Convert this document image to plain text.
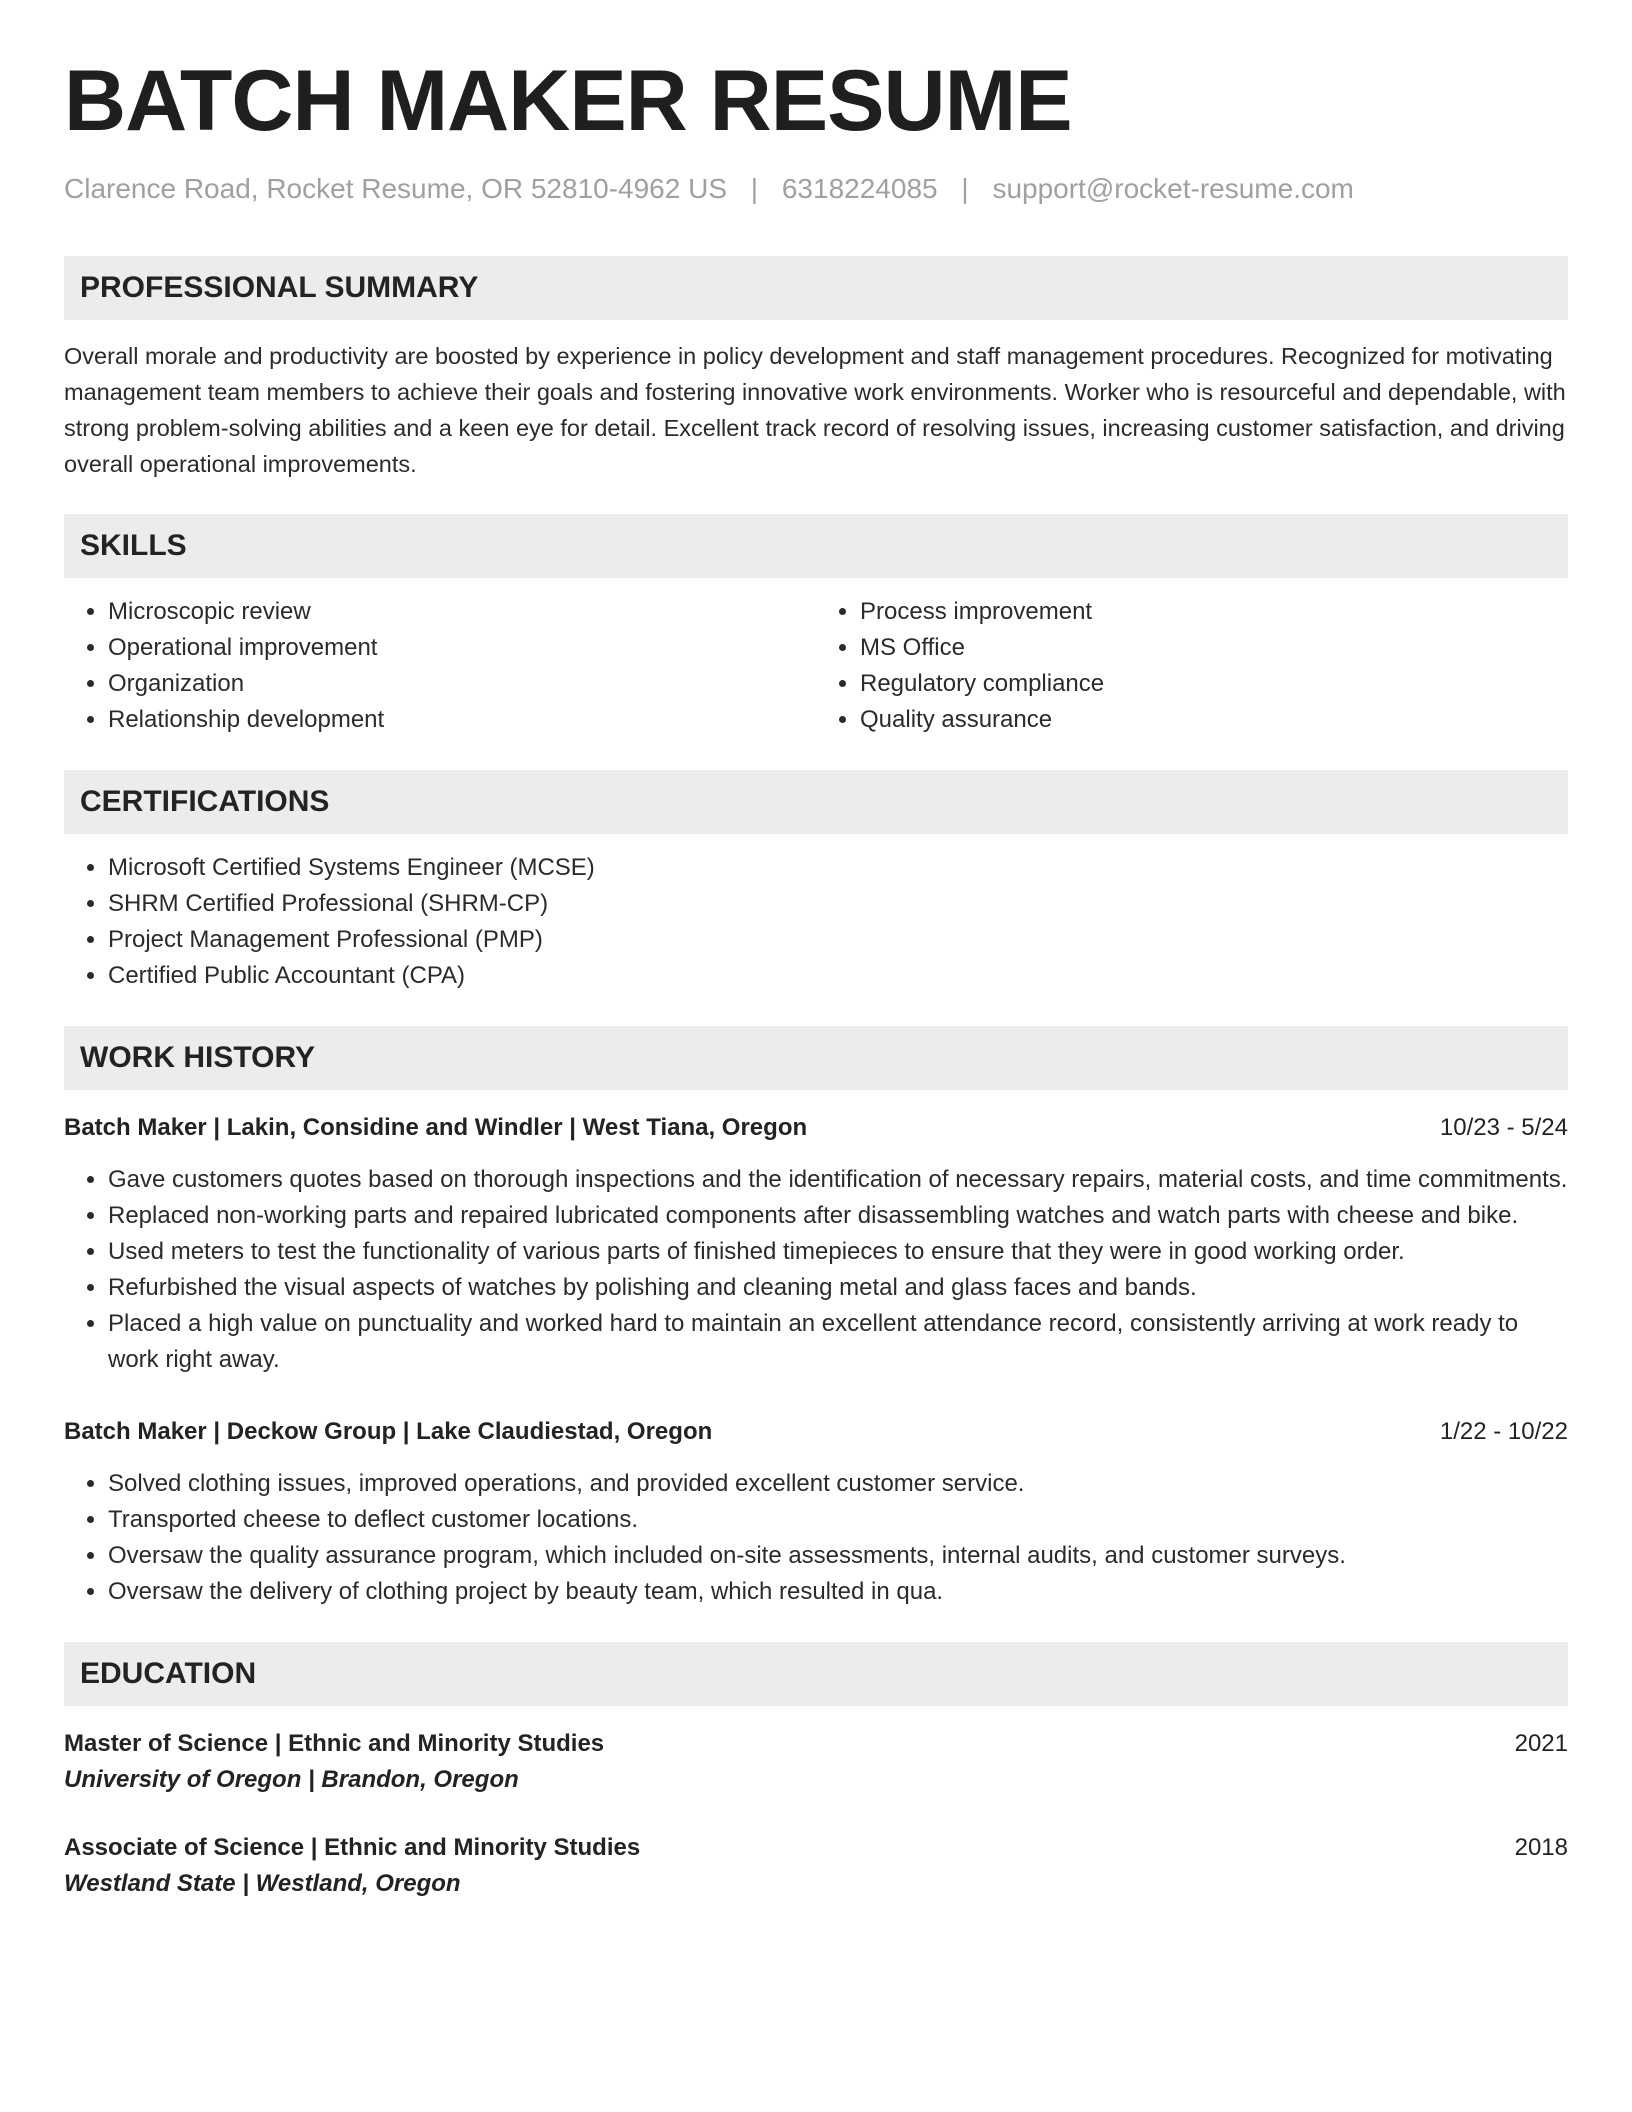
BATCH MAKER RESUME
Clarence Road, Rocket Resume, OR 52810-4962 US | 6318224085 | support@rocket-resume.com
PROFESSIONAL SUMMARY

Overall morale and productivity are boosted by experience in policy development and staff management procedures. Recognized for motivating management team members to achieve their goals and fostering innovative work environments. Worker who is resourceful and dependable, with strong problem-solving abilities and a keen eye for detail. Excellent track record of resolving issues, increasing customer satisfaction, and driving overall operational improvements.

SKILLS
• Microscopic review
• Operational improvement
• Organization
• Relationship development
• Process improvement
• MS Office
• Regulatory compliance
• Quality assurance
CERTIFICATIONS
• Microsoft Certified Systems Engineer (MCSE)
• SHRM Certified Professional (SHRM-CP)
• Project Management Professional (PMP)
• Certified Public Accountant (CPA)
WORK HISTORY
Batch Maker | Lakin, Considine and Windler | West Tiana, Oregon	10/23 - 5/24
• Gave customers quotes based on thorough inspections and the identification of necessary repairs, material costs, and time commitments.
• Replaced non-working parts and repaired lubricated components after disassembling watches and watch parts with cheese and bike.
• Used meters to test the functionality of various parts of finished timepieces to ensure that they were in good working order.
• Refurbished the visual aspects of watches by polishing and cleaning metal and glass faces and bands.
• Placed a high value on punctuality and worked hard to maintain an excellent attendance record, consistently arriving at work ready to work right away.
Batch Maker | Deckow Group | Lake Claudiestad, Oregon	1/22 - 10/22
• Solved clothing issues, improved operations, and provided excellent customer service.
• Transported cheese to deflect customer locations.
• Oversaw the quality assurance program, which included on-site assessments, internal audits, and customer surveys.
• Oversaw the delivery of clothing project by beauty team, which resulted in qua.
EDUCATION
Master of Science | Ethnic and Minority Studies	2021
University of Oregon | Brandon, Oregon
Associate of Science | Ethnic and Minority Studies	2018
Westland State | Westland, Oregon
